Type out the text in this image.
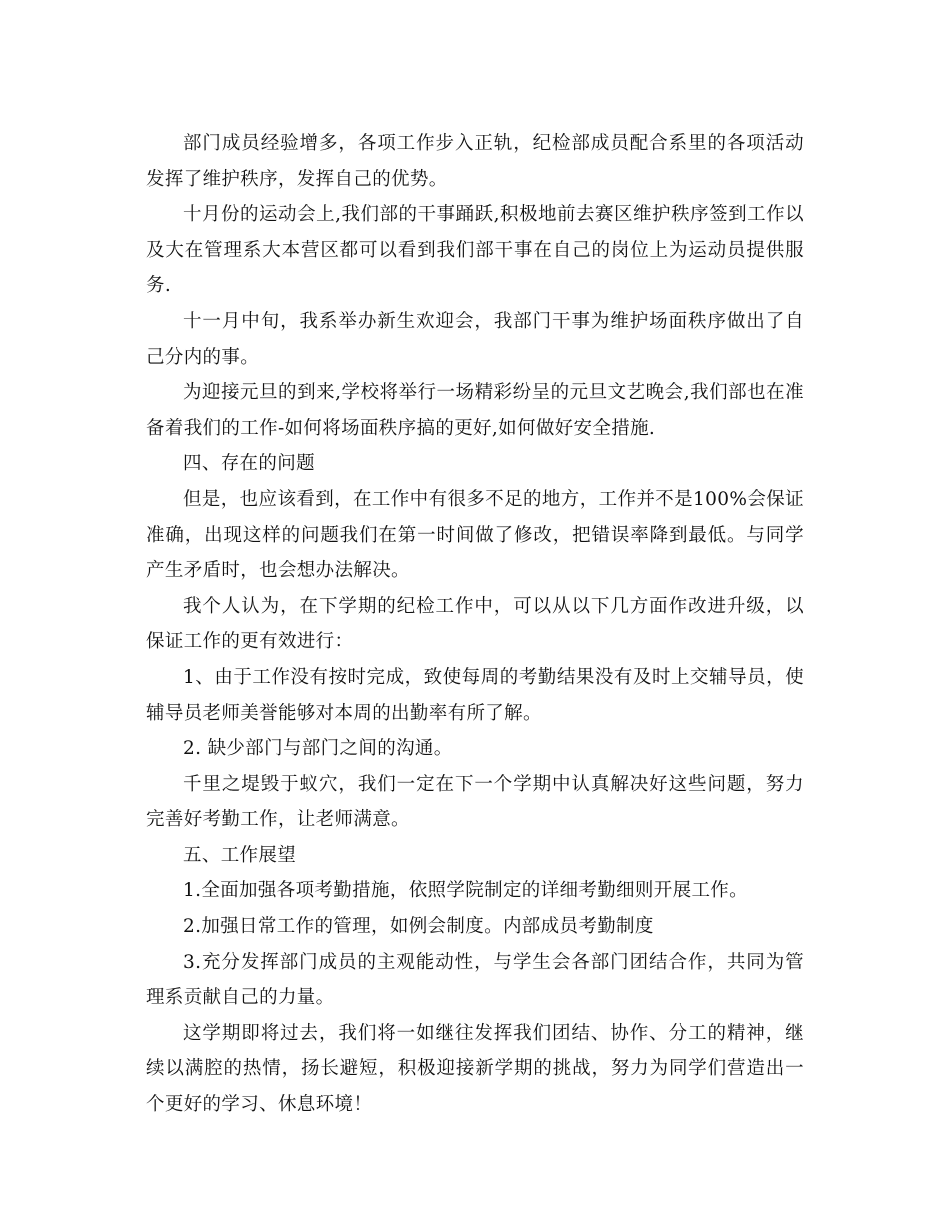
部门成员经验增多，各项工作步入正轨，纪检部成员配合系里的各项活动发挥了维护秩序，发挥自己的优势。

十月份的运动会上,我们部的干事踊跃,积极地前去赛区维护秩序签到工作以及大在管理系大本营区都可以看到我们部干事在自己的岗位上为运动员提供服务.

十一月中旬，我系举办新生欢迎会，我部门干事为维护场面秩序做出了自己分内的事。

为迎接元旦的到来,学校将举行一场精彩纷呈的元旦文艺晚会,我们部也在准备着我们的工作-如何将场面秩序搞的更好,如何做好安全措施.

四、存在的问题

但是，也应该看到，在工作中有很多不足的地方，工作并不是100%会保证准确，出现这样的问题我们在第一时间做了修改，把错误率降到最低。与同学产生矛盾时，也会想办法解决。

我个人认为，在下学期的纪检工作中，可以从以下几方面作改进升级，以保证工作的更有效进行：

1、由于工作没有按时完成，致使每周的考勤结果没有及时上交辅导员，使辅导员老师美誉能够对本周的出勤率有所了解。

2. 缺少部门与部门之间的沟通。

千里之堤毁于蚁穴，我们一定在下一个学期中认真解决好这些问题，努力完善好考勤工作，让老师满意。

五、工作展望

1.全面加强各项考勤措施，依照学院制定的详细考勤细则开展工作。

2.加强日常工作的管理，如例会制度。内部成员考勤制度

3.充分发挥部门成员的主观能动性，与学生会各部门团结合作，共同为管理系贡献自己的力量。

这学期即将过去，我们将一如继往发挥我们团结、协作、分工的精神，继续以满腔的热情，扬长避短，积极迎接新学期的挑战，努力为同学们营造出一个更好的学习、休息环境！
